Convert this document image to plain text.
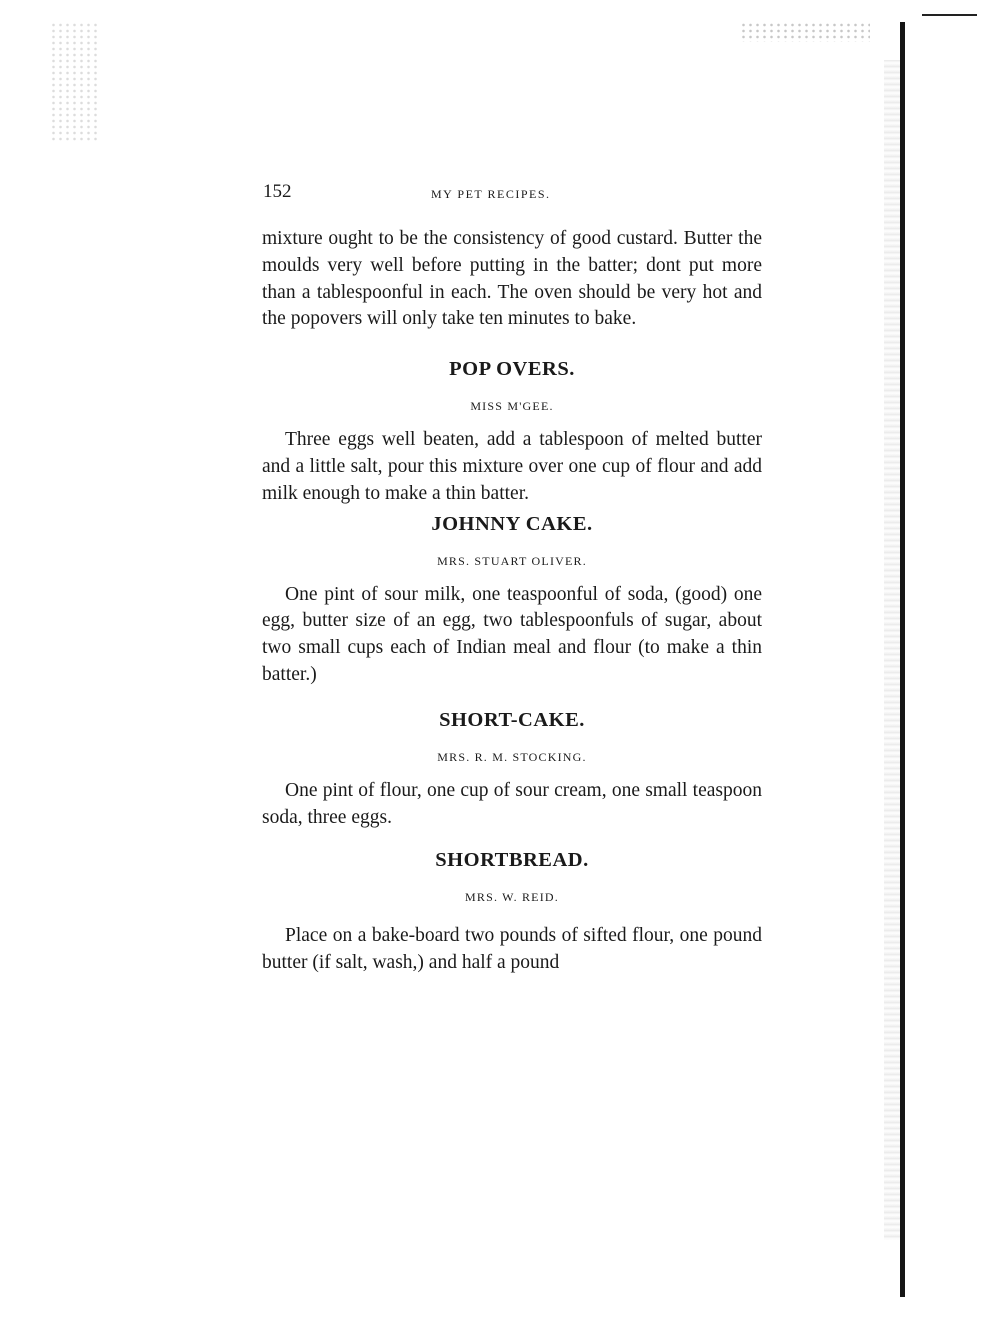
152	MY PET RECIPES.

mixture ought to be the consistency of good custard. Butter the moulds very well before putting in the batter; dont put more than a tablespoonful in each. The oven should be very hot and the popovers will only take ten minutes to bake.

POP OVERS.
MISS M'GEE.

Three eggs well beaten, add a tablespoon of melted butter and a little salt, pour this mixture over one cup of flour and add milk enough to make a thin batter.

JOHNNY CAKE.
MRS. STUART OLIVER.

One pint of sour milk, one teaspoonful of soda, (good) one egg, butter size of an egg, two tablespoonfuls of sugar, about two small cups each of Indian meal and flour (to make a thin batter.)

SHORT-CAKE.
MRS. R. M. STOCKING.

One pint of flour, one cup of sour cream, one small teaspoon soda, three eggs.

SHORTBREAD.
MRS. W. REID.

Place on a bake-board two pounds of sifted flour, one pound butter (if salt, wash,) and half a pound
